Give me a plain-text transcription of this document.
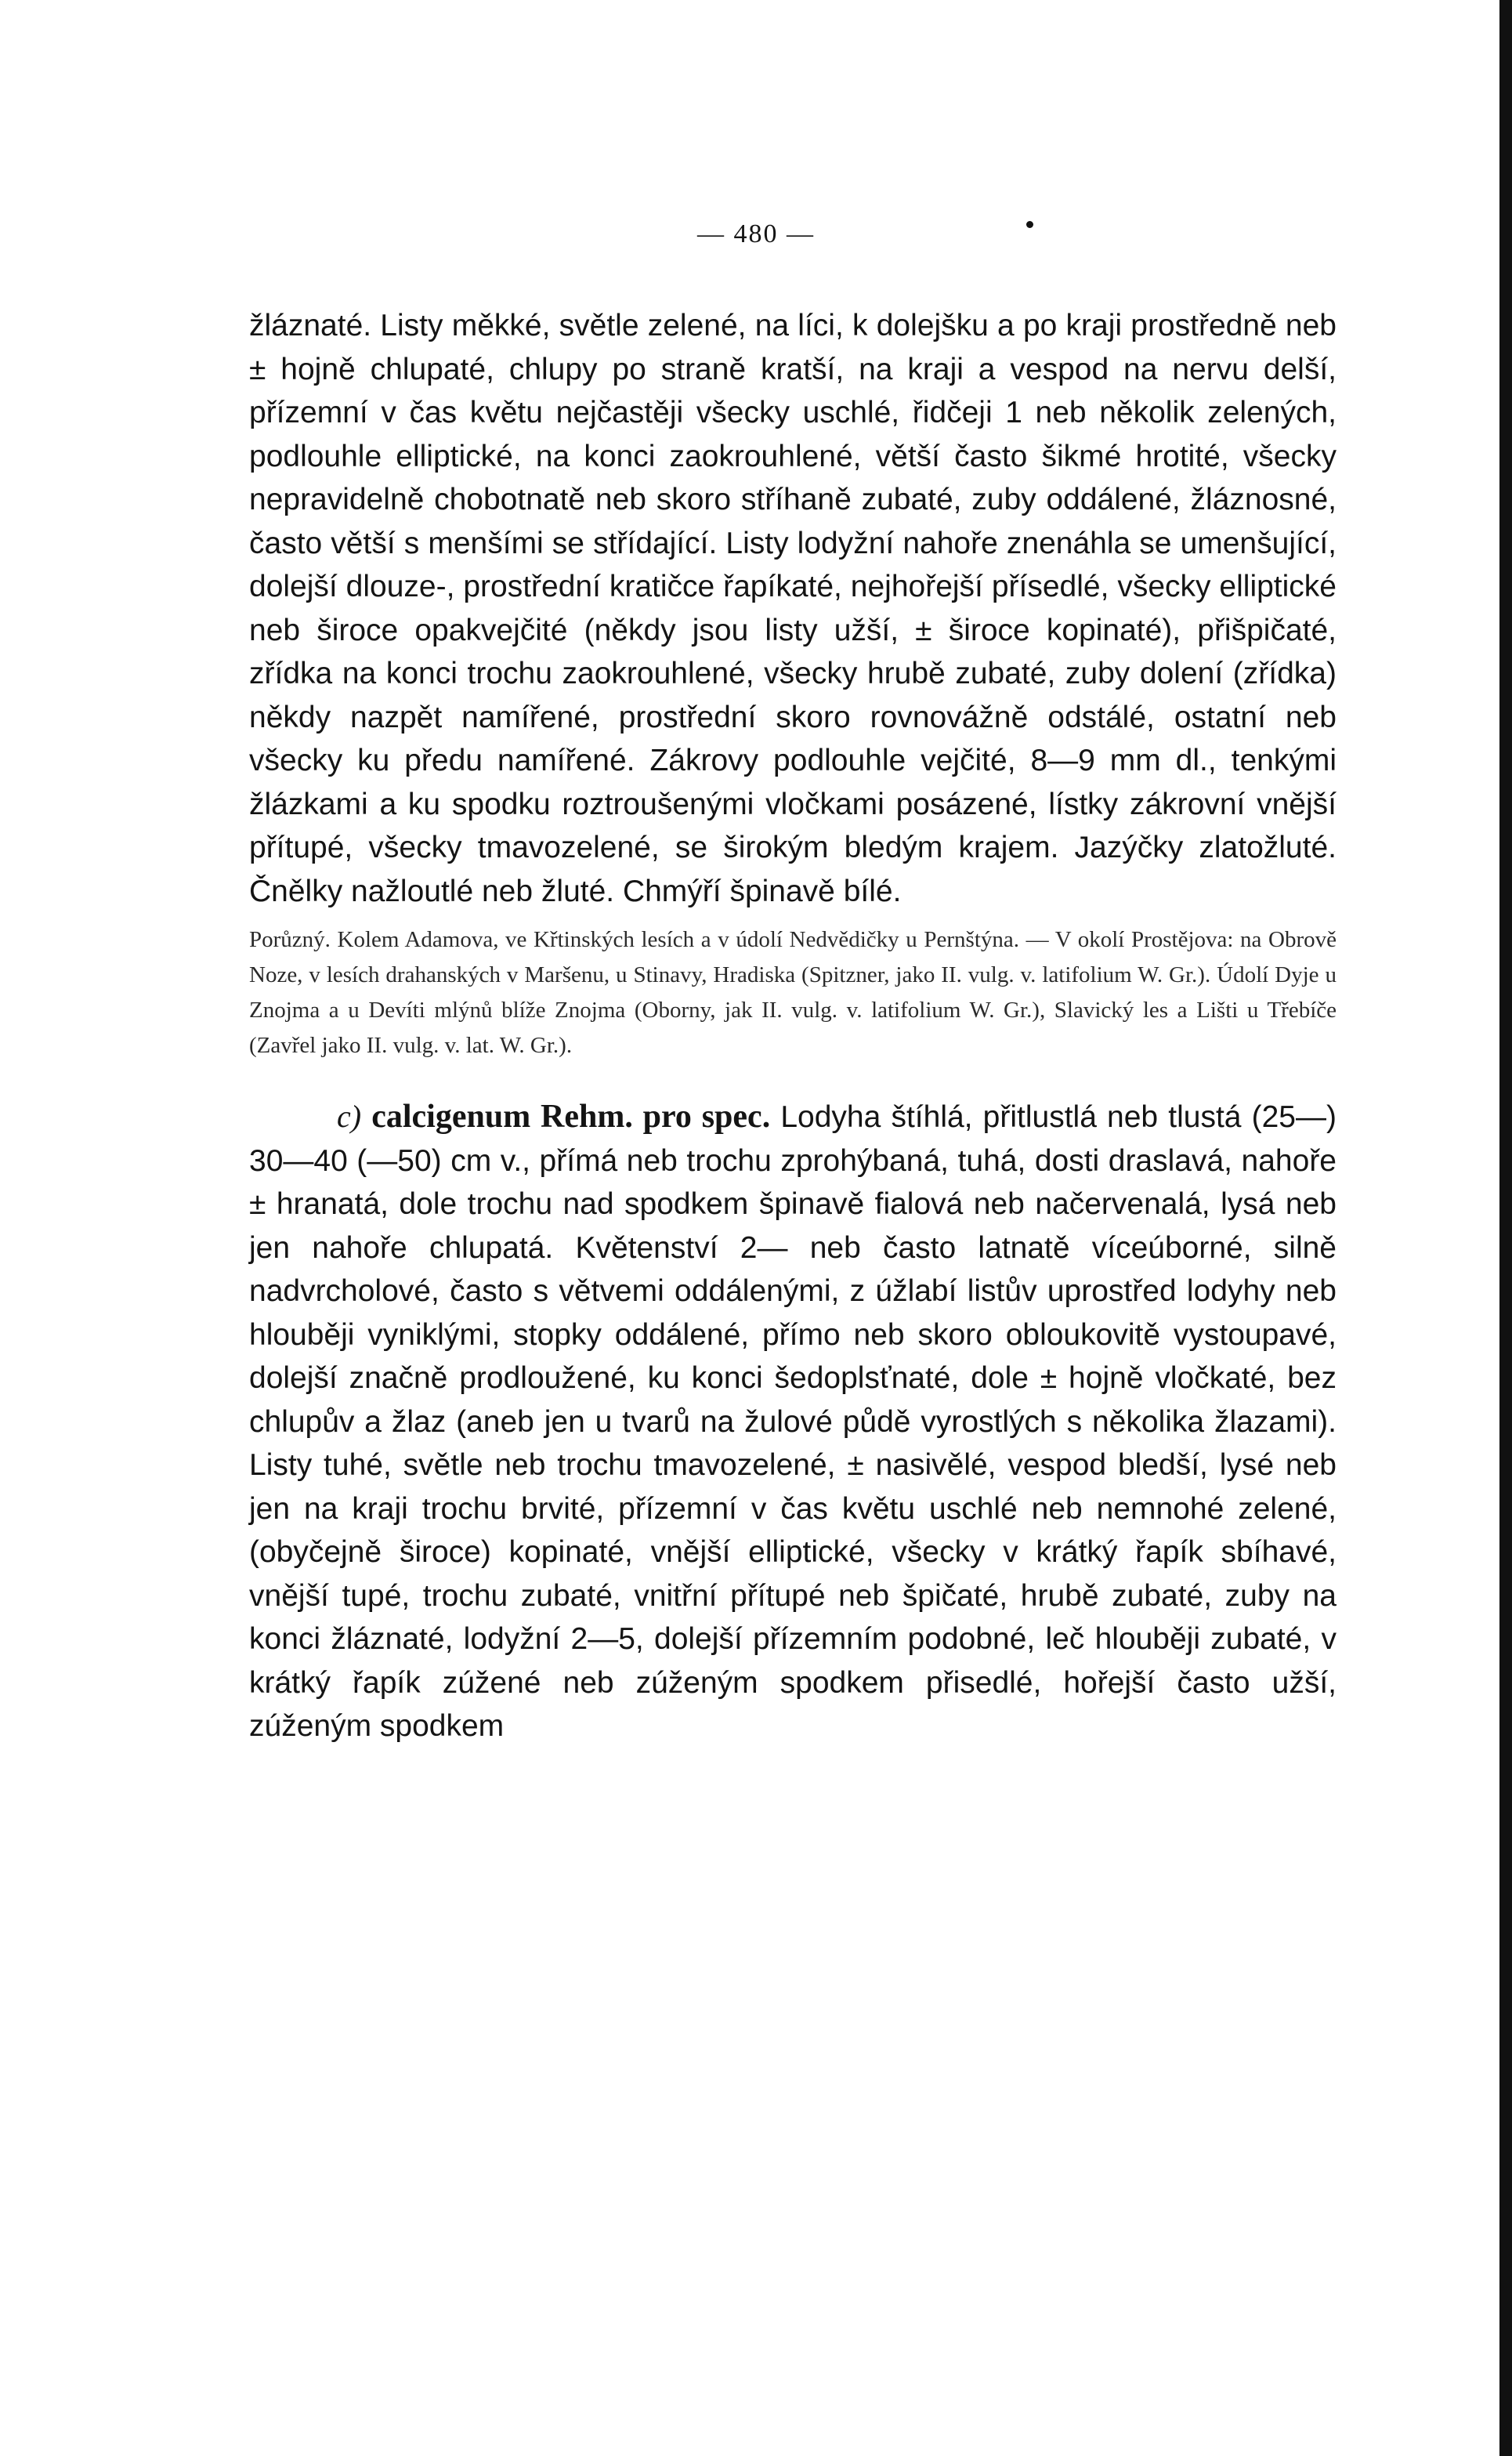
— 480 —

žláznaté. Listy měkké, světle zelené, na líci, k dolejšku a po kraji prostředně neb ± hojně chlupaté, chlupy po straně kratší, na kraji a vespod na nervu delší, přízemní v čas květu nejčastěji všecky uschlé, řidčeji 1 neb několik zelených, podlouhle elliptické, na konci zaokrouhlené, větší často šikmé hrotité, všecky nepravidelně chobotnatě neb skoro stříhaně zubaté, zuby oddálené, žláznosné, často větší s menšími se střídající. Listy lodyžní nahoře znenáhla se umenšující, dolejší dlouze-, prostřední kratičce řapíkaté, nejhořejší přísedlé, všecky elliptické neb široce opakvejčité (někdy jsou listy užší, ± široce kopinaté), přišpičaté, zřídka na konci trochu zaokrouhlené, všecky hrubě zubaté, zuby dolení (zřídka) někdy nazpět namířené, prostřední skoro rovnovážně odstálé, ostatní neb všecky ku předu namířené. Zákrovy podlouhle vejčité, 8—9 mm dl., tenkými žlázkami a ku spodku roztroušenými vločkami posázené, lístky zákrovní vnější přítupé, všecky tmavozelené, se širokým bledým krajem. Jazýčky zlatožluté. Čnělky nažloutlé neb žluté. Chmýří špinavě bílé.

Porůzný. Kolem Adamova, ve Křtinských lesích a v údolí Nedvědičky u Pernštýna. — V okolí Prostějova: na Obrově Noze, v lesích drahanských v Maršenu, u Stinavy, Hradiska (Spitzner, jako II. vulg. v. latifolium W. Gr.). Údolí Dyje u Znojma a u Devíti mlýnů blíže Znojma (Oborny, jak II. vulg. v. latifolium W. Gr.), Slavický les a Lišti u Třebíče (Zavřel jako II. vulg. v. lat. W. Gr.).

c) calcigenum Rehm. pro spec. Lodyha štíhlá, přitlustlá neb tlustá (25—) 30—40 (—50) cm v., přímá neb trochu zprohýbaná, tuhá, dosti draslavá, nahoře ± hranatá, dole trochu nad spodkem špinavě fialová neb načervenalá, lysá neb jen nahoře chlupatá. Květenství 2— neb často latnatě víceúborné, silně nadvrcholové, často s větvemi oddálenými, z úžlabí listův uprostřed lodyhy neb hlouběji vyniklými, stopky oddálené, přímo neb skoro obloukovitě vystoupavé, dolejší značně prodloužené, ku konci šedoplsťnaté, dole ± hojně vločkaté, bez chlupův a žlaz (aneb jen u tvarů na žulové půdě vyrostlých s několika žlazami). Listy tuhé, světle neb trochu tmavozelené, ± nasivělé, vespod bledší, lysé neb jen na kraji trochu brvité, přízemní v čas květu uschlé neb nemnohé zelené, (obyčejně široce) kopinaté, vnější elliptické, všecky v krátký řapík sbíhavé, vnější tupé, trochu zubaté, vnitřní přítupé neb špičaté, hrubě zubaté, zuby na konci žláznaté, lodyžní 2—5, dolejší přízemním podobné, leč hlouběji zubaté, v krátký řapík zúžené neb zúženým spodkem přisedlé, hořejší často užší, zúženým spodkem
